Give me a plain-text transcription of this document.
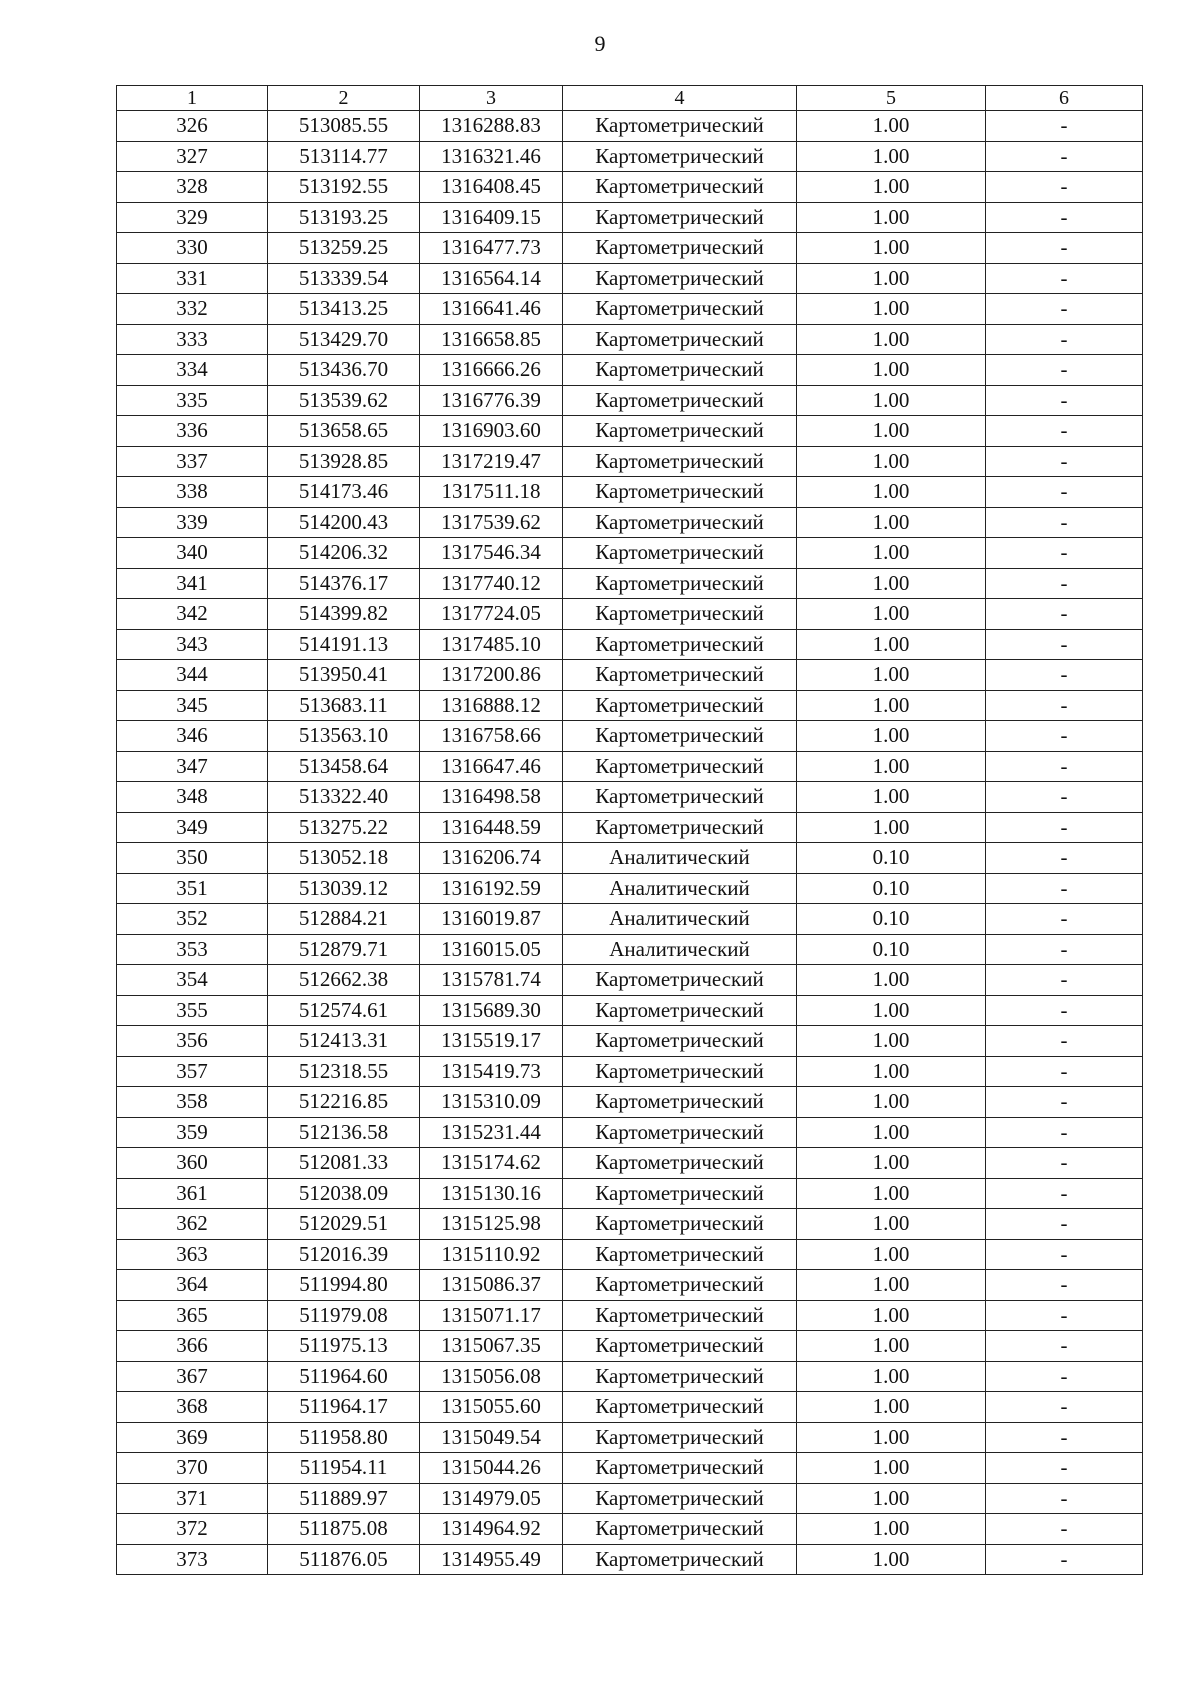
9
1	2	3	4	5	6
326	513085.55	1316288.83	Картометрический	1.00	-
327	513114.77	1316321.46	Картометрический	1.00	-
328	513192.55	1316408.45	Картометрический	1.00	-
329	513193.25	1316409.15	Картометрический	1.00	-
330	513259.25	1316477.73	Картометрический	1.00	-
331	513339.54	1316564.14	Картометрический	1.00	-
332	513413.25	1316641.46	Картометрический	1.00	-
333	513429.70	1316658.85	Картометрический	1.00	-
334	513436.70	1316666.26	Картометрический	1.00	-
335	513539.62	1316776.39	Картометрический	1.00	-
336	513658.65	1316903.60	Картометрический	1.00	-
337	513928.85	1317219.47	Картометрический	1.00	-
338	514173.46	1317511.18	Картометрический	1.00	-
339	514200.43	1317539.62	Картометрический	1.00	-
340	514206.32	1317546.34	Картометрический	1.00	-
341	514376.17	1317740.12	Картометрический	1.00	-
342	514399.82	1317724.05	Картометрический	1.00	-
343	514191.13	1317485.10	Картометрический	1.00	-
344	513950.41	1317200.86	Картометрический	1.00	-
345	513683.11	1316888.12	Картометрический	1.00	-
346	513563.10	1316758.66	Картометрический	1.00	-
347	513458.64	1316647.46	Картометрический	1.00	-
348	513322.40	1316498.58	Картометрический	1.00	-
349	513275.22	1316448.59	Картометрический	1.00	-
350	513052.18	1316206.74	Аналитический	0.10	-
351	513039.12	1316192.59	Аналитический	0.10	-
352	512884.21	1316019.87	Аналитический	0.10	-
353	512879.71	1316015.05	Аналитический	0.10	-
354	512662.38	1315781.74	Картометрический	1.00	-
355	512574.61	1315689.30	Картометрический	1.00	-
356	512413.31	1315519.17	Картометрический	1.00	-
357	512318.55	1315419.73	Картометрический	1.00	-
358	512216.85	1315310.09	Картометрический	1.00	-
359	512136.58	1315231.44	Картометрический	1.00	-
360	512081.33	1315174.62	Картометрический	1.00	-
361	512038.09	1315130.16	Картометрический	1.00	-
362	512029.51	1315125.98	Картометрический	1.00	-
363	512016.39	1315110.92	Картометрический	1.00	-
364	511994.80	1315086.37	Картометрический	1.00	-
365	511979.08	1315071.17	Картометрический	1.00	-
366	511975.13	1315067.35	Картометрический	1.00	-
367	511964.60	1315056.08	Картометрический	1.00	-
368	511964.17	1315055.60	Картометрический	1.00	-
369	511958.80	1315049.54	Картометрический	1.00	-
370	511954.11	1315044.26	Картометрический	1.00	-
371	511889.97	1314979.05	Картометрический	1.00	-
372	511875.08	1314964.92	Картометрический	1.00	-
373	511876.05	1314955.49	Картометрический	1.00	-
